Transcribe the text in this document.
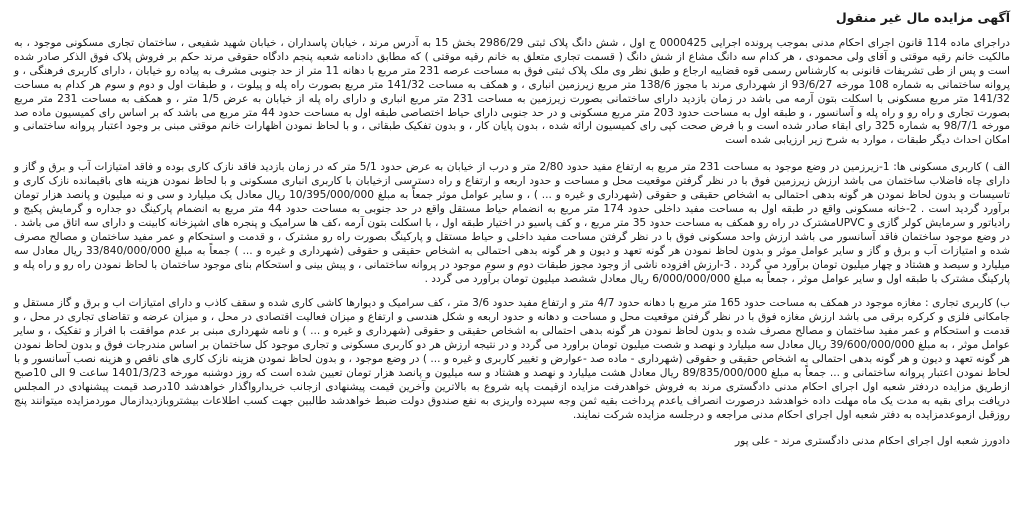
آگهی مزایده مال غیر منقول

دراجرای ماده 114 قانون اجرای احکام مدنی بموجب پرونده اجرایی 0000425 ج اول ، شش دانگ پلاک ثبتی 2986/29 بخش 15 به آدرس مرند ، خیابان پاسداران ، خیابان شهید شفیعی ، ساختمان تجاری مسکونی موجود ، به مالکیت خانم رقیه موقتی و آقای ولی محمودی ، هر کدام سه دانگ مشاع از شش دانگ ( قسمت تجاری متعلق به خانم رقیه موقتی ) که مطابق دادنامه شعبه پنجم دادگاه حقوقی مرند حکم بر فروش پلاک فوق الذکر صادر شده است و پس از طی تشریفات قانونی به کارشناس رسمی قوه قضاییه ارجاع و طبق نظر وی ملک پلاک ثبتی فوق به مساحت عرصه 231 متر مربع با دهانه 11 متر از حد جنوبی مشرف به پیاده رو خیابان ، دارای کاربری فرهنگی ، و پروانه ساختمانی به شماره 108 مورخه 93/6/27 از شهرداری مرند با مجوز 138/6 متر مربع زیرزمین انباری ، و همکف به مساحت 141/32 متر مربع بصورت راه پله و پیلوت ، و طبقات اول و دوم و سوم هر کدام به مساحت 141/32 متر مربع مسکونی با اسکلت بتون آرمه می باشد در زمان بازدید دارای ساختمانی بصورت زیرزمین به مساحت 231 متر مربع انباری و دارای راه پله از خیابان به عرض 1/5 متر ، و همکف به مساحت 231 متر مربع بصورت تجاری و راه رو و راه پله و آسانسور ، و طبقه اول به مساحت حدود 203 متر مربع مسکونی و در حد جنوبی دارای حیاط اختصاصی طبقه اول به مساحت حدود 44 متر مربع می باشد که بر اساس رای کمیسیون ماده صد مورخه 98/7/1 به شماره 325 رای ابقاء صادر شده است و با فرض صحت کپی رای کمیسیون ارائه شده ، بدون پایان کار ، و بدون تفکیک طبقاتی ، و با لحاظ نمودن اظهارات خانم موقتی مبنی بر وجود اعتبار پروانه ساختمانی و امکان احداث دیگر طبقات ، موارد به شرح زیر ارزیابی شده است

الف ) کاربری مسکونی ها: 1-زیرزمین در وضع موجود به مساحت 231 متر مربع به ارتفاع مفید حدود 2/80 متر و درب از خیابان به عرض حدود 5/1 متر که در زمان بازدید فاقد نازک کاری بوده و فاقد امتیازات آب و برق و گاز و دارای چاه فاضلاب ساختمان می باشد ارزش زیرزمین فوق با در نظر گرفتن موقعیت محل و مساحت و حدود اربعه و ارتفاع و راه دسترسی ازخیابان با کاربری انباری مسکونی و با لحاظ نمودن هزینه های باقیمانده نازک کاری و تاسیسات و بدون لحاظ نمودن هر گونه بدهی احتمالی به اشخاص حقیقی و حقوقی (شهرداری و غیره و ... ) ، و سایر عوامل موثر جمعاً به مبلغ 10/395/000/000 ریال معادل یک میلیارد و سی و نه میلیون و پانصد هزار تومان برآورد گردید است . 2-خانه مسکونی واقع در طبقه اول به مساحت مفید داخلی حدود 174 متر مربع به انضمام حیاط مستقل واقع در حد جنوبی به مساحت حدود 44 متر مربع به انضمام پارکینگ دو جداره و گرمایش پکیج و رادیاتور و سرمایش کولر گازی و UPVCمشترک در راه رو همکف به مساحت حدود 35 متر مربع ، و کف پاسیو در اختیار طبقه اول ، با اسکلت بتون آرمه ،کف ها سرامیک و پنجره های اشپزخانه کابینت و دارای سه اتاق می باشد . در وضع موجود ساختمان فاقد آسانسور می باشد ارزش واحد مسکونی فوق با در نظر گرفتن مساحت مفید داخلی و حیاط مستقل و پارکینگ بصورت راه رو مشترک ، و قدمت و استحکام و عمر مفید ساختمان و مصالح مصرف شده و امتیازات آب و برق و گاز و سایر عوامل موثر و بدون لحاظ نمودن هر گونه تعهد و دیون و هر گونه بدهی احتمالی به اشخاص حقیقی و حقوقی (شهرداری و غیره و ... ) جمعاً به مبلغ 33/840/000/000 ریال معادل سه میلیارد و سیصد و هشتاد و چهار میلیون تومان برآورد می گردد . 3-ارزش افزوده ناشی از وجود مجوز طبقات دوم و سوم موجود در پروانه ساختمانی ، و پیش بینی و استحکام بنای موجود ساختمان با لحاظ نمودن راه رو و راه پله و پارکینگ مشترک با طبقه اول و سایر عوامل موثر ، جمعاً به مبلغ 6/000/000/000 ریال معادل ششصد میلیون تومان برآورد می گردد .

ب) کاربری تجاری : مغازه موجود در همکف به مساحت حدود 165 متر مربع با دهانه حدود 4/7 متر و ارتفاع مفید حدود 3/6 متر ، کف سرامیک و دیوارها کاشی کاری شده و سقف کاذب و دارای امتیازات اب و برق و گاز مستقل و جامکانی فلزی و کرکره برقی می باشد ارزش مغازه فوق با در نظر گرفتن موقعیت محل و مساحت و دهانه و حدود اربعه و شکل هندسی و ارتفاع و میزان فعالیت اقتصادی در محل ، و میزان عرضه و تقاضای تجاری در محل ، و قدمت و استحکام و عمر مفید ساختمان و مصالح مصرف شده و بدون لحاظ نمودن هر گونه بدهی احتمالی به اشخاص حقیقی و حقوقی (شهرداری و غیره و ... ) و نامه شهرداری مبنی بر عدم موافقت با افراز و تفکیک ، و سایر عوامل موثر ، به مبلغ 39/600/000/000 ریال معادل سه میلیارد و نهصد و شصت میلیون تومان براورد می گردد و در نتیجه ارزش هر دو کاربری مسکونی و تجاری موجود کل ساختمان بر اساس مندرجات فوق و بدون لحاظ نمودن هر گونه تعهد و دیون و هر گونه بدهی احتمالی به اشخاص حقیقی و حقوقی (شهرداری - ماده صد -عوارض و تغییر کاربری و غیره و ... ) در وضع موجود ، و بدون لحاظ نمودن هزینه نازک کاری های ناقص و هزینه نصب آسانسور و با لحاظ نمودن اعتبار پروانه ساختمانی و ... جمعاً به مبلغ 89/835/000/000 ریال معادل هشت میلیارد و نهصد و هشتاد و سه میلیون و پانصد هزار تومان تعیین شده است که روز دوشنبه مورخه 1401/3/23 ساعت 9 الی 10صبح ازطریق مزایده دردفتر شعبه اول اجرای احکام مدنی دادگستری مرند به فروش خواهدرفت مزایده ازقیمت پایه شروع به بالاترین وآخرین قیمت پیشنهادی ازجانب خریدارواگذار خواهدشد 10درصد قیمت پیشنهادی در المجلس دریافت برای بقیه به مدت یک ماه مهلت داده خواهدشد درصورت انصراف یاعدم پرداخت بقیه ثمن وجه سپرده واریزی به نفع صندوق دولت ضبط خواهدشد طالبین جهت کسب اطلاعات بیشتروبازدیدازمال موردمزایده میتوانند پنج روزقبل ازموعدمزایده به دفتر شعبه اول اجرای احکام مدنی مراجعه و درجلسه مزایده شرکت نمایند.

دادورز شعبه اول اجرای احکام مدنی دادگستری مرند - علی پور
